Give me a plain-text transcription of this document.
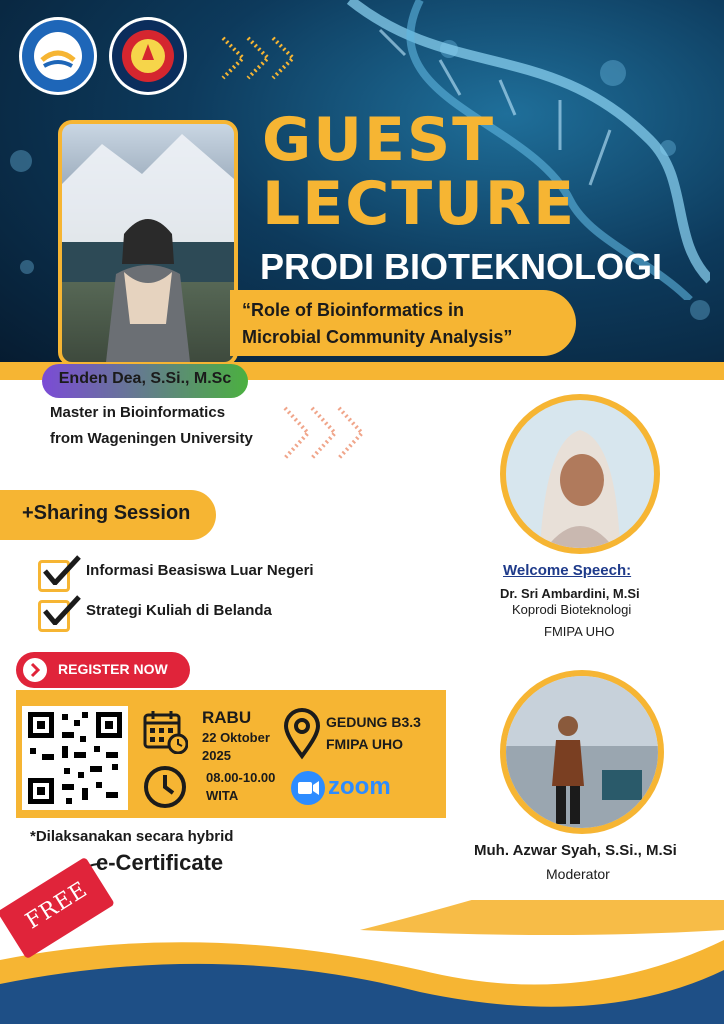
GUEST
LECTURE
PRODI BIOTEKNOLOGI
“Role of Bioinformatics in
Microbial Community Analysis”
Enden Dea, S.Si., M.Sc
Master in Bioinformatics
from Wageningen University
+Sharing Session
Informasi Beasiswa Luar Negeri
Strategi Kuliah di Belanda
REGISTER NOW
RABU
22 Oktober
2025
08.00-10.00
WITA
GEDUNG B3.3
FMIPA UHO
zoom
*Dilaksanakan secara hybrid
e-Certificate
FREE
Welcome Speech:
Dr. Sri Ambardini, M.Si
Koprodi Bioteknologi
FMIPA UHO
Muh. Azwar Syah, S.Si., M.Si
Moderator
